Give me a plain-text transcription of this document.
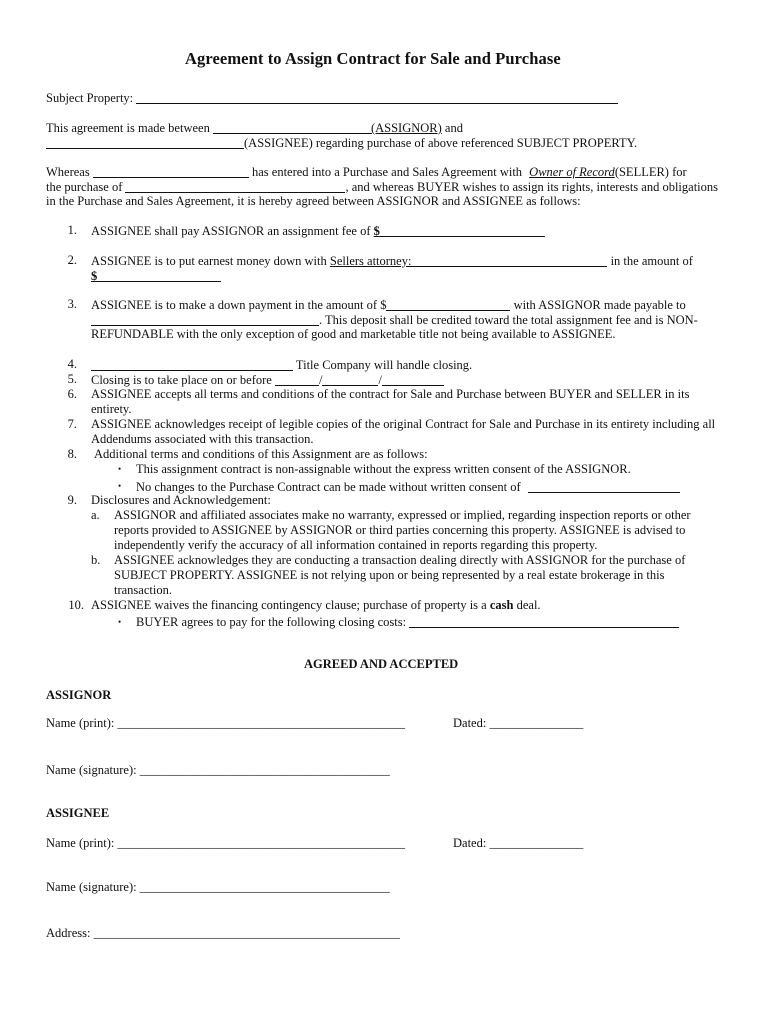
Agreement to Assign Contract for Sale and Purchase
Subject Property:
This agreement is made between	(ASSIGNOR) and
(ASSIGNEE) regarding purchase of above referenced SUBJECT PROPERTY.
Whereas	has entered into a Purchase and Sales Agreement with Owner of Record(SELLER) for
the purchase of	, and whereas BUYER wishes to assign its rights, interests and obligations
in the Purchase and Sales Agreement, it is hereby agreed between ASSIGNOR and ASSIGNEE as follows:
1. ASSIGNEE shall pay ASSIGNOR an assignment fee of $
2. ASSIGNEE is to put earnest money down with Sellers attorney:	in the amount of
$
3. ASSIGNEE is to make a down payment in the amount of $	with ASSIGNOR made payable to
. This deposit shall be credited toward the total assignment fee and is NON-
REFUNDABLE with the only exception of good and marketable title not being available to ASSIGNEE.
4.	Title Company will handle closing.
5. Closing is to take place on or before	/	/
6. ASSIGNEE accepts all terms and conditions of the contract for Sale and Purchase between BUYER and SELLER in its
entirety.
7. ASSIGNEE acknowledges receipt of legible copies of the original Contract for Sale and Purchase in its entirety including all
Addendums associated with this transaction.
8. Additional terms and conditions of this Assignment are as follows:
• This assignment contract is non-assignable without the express written consent of the ASSIGNOR.
• No changes to the Purchase Contract can be made without written consent of
9. Disclosures and Acknowledgement:
a. ASSIGNOR and affiliated associates make no warranty, expressed or implied, regarding inspection reports or other
reports provided to ASSIGNEE by ASSIGNOR or third parties concerning this property. ASSIGNEE is advised to
independently verify the accuracy of all information contained in reports regarding this property.
b. ASSIGNEE acknowledges they are conducting a transaction dealing directly with ASSIGNOR for the purchase of
SUBJECT PROPERTY. ASSIGNEE is not relying upon or being represented by a real estate brokerage in this
transaction.
10. ASSIGNEE waives the financing contingency clause; purchase of property is a cash deal.
• BUYER agrees to pay for the following closing costs:
AGREED AND ACCEPTED
ASSIGNOR
Name (print): ______________________________________________	Dated: _______________
Name (signature): ________________________________________
ASSIGNEE
Name (print): ______________________________________________	Dated: _______________
Name (signature): ________________________________________
Address: _________________________________________________
